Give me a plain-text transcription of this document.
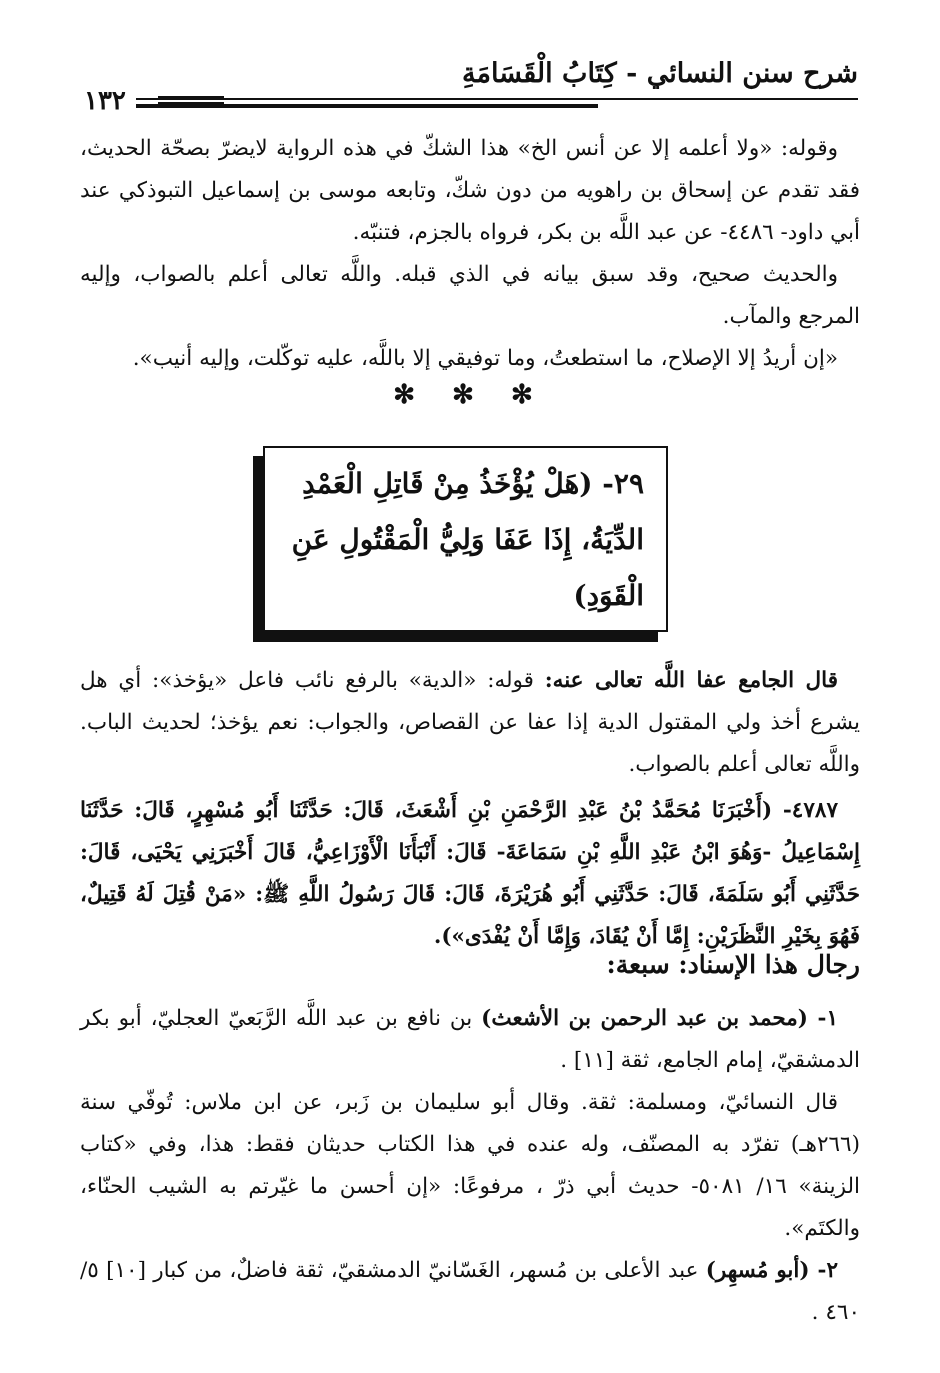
شرح سنن النسائي - كِتَابُ الْقَسَامَةِ
١٣٢

وقوله: «ولا أعلمه إلا عن أنس الخ» هذا الشكّ في هذه الرواية لايضرّ بصحّة الحديث، فقد تقدم عن إسحاق بن راهويه من دون شكّ، وتابعه موسى بن إسماعيل التبوذكي عند أبي داود- ٤٤٨٦- عن عبد اللَّه بن بكر، فرواه بالجزم، فتنبّه.

والحديث صحيح، وقد سبق بيانه في الذي قبله. واللَّه تعالى أعلم بالصواب، وإليه المرجع والمآب.

«إن أريدُ إلا الإصلاح، ما استطعتُ، وما توفيقي إلا باللَّه، عليه توكّلت، وإليه أنيب».

✻ ✻ ✻

٢٩- (هَلْ يُؤْخَذُ مِنْ قَاتِلِ الْعَمْدِ الدِّيَةُ، إِذَا عَفَا وَلِيُّ الْمَقْتُولِ عَنِ الْقَوَدِ)

قال الجامع عفا اللَّه تعالى عنه: قوله: «الدية» بالرفع نائب فاعل «يؤخذ»: أي هل يشرع أخذ ولي المقتول الدية إذا عفا عن القصاص، والجواب: نعم يؤخذ؛ لحديث الباب. واللَّه تعالى أعلم بالصواب.

٤٧٨٧- (أَخْبَرَنَا مُحَمَّدُ بْنُ عَبْدِ الرَّحْمَنِ بْنِ أَشْعَثَ، قَالَ: حَدَّثَنَا أَبُو مُسْهِرٍ، قَالَ: حَدَّثَنَا إِسْمَاعِيلُ -وَهُوَ ابْنُ عَبْدِ اللَّهِ بْنِ سَمَاعَةَ- قَالَ: أَنْبَأَنَا الْأَوْزَاعِيُّ، قَالَ أَخْبَرَنِي يَحْيَى، قَالَ: حَدَّثَنِي أَبُو سَلَمَةَ، قَالَ: حَدَّثَنِي أَبُو هُرَيْرَةَ، قَالَ: قَالَ رَسُولُ اللَّهِ ﷺ: «مَنْ قُتِلَ لَهُ قَتِيلٌ، فَهُوَ بِخَيْرِ النَّظَرَيْنِ: إِمَّا أَنْ يُقَادَ، وَإِمَّا أَنْ يُفْدَى»).

رجال هذا الإسناد: سبعة:

١- (محمد بن عبد الرحمن بن الأشعث) بن نافع بن عبد اللَّه الرَّبَعيّ العجليّ، أبو بكر الدمشقيّ، إمام الجامع، ثقة [١١] .

قال النسائيّ، ومسلمة: ثقة. وقال أبو سليمان بن زَبر، عن ابن ملاس: تُوفّي سنة (٢٦٦هـ) تفرّد به المصنّف، وله عنده في هذا الكتاب حديثان فقط: هذا، وفي «كتاب الزينة» ١٦/ ٥٠٨١- حديث أبي ذرّ ، مرفوعًا: «إن أحسن ما غيّرتم به الشيب الحنّاء، والكتَم».

٢- (أبو مُسهِر) عبد الأعلى بن مُسهر، الغَسّانيّ الدمشقيّ، ثقة فاضلٌ، من كبار [١٠] ٥/ ٤٦٠ .
